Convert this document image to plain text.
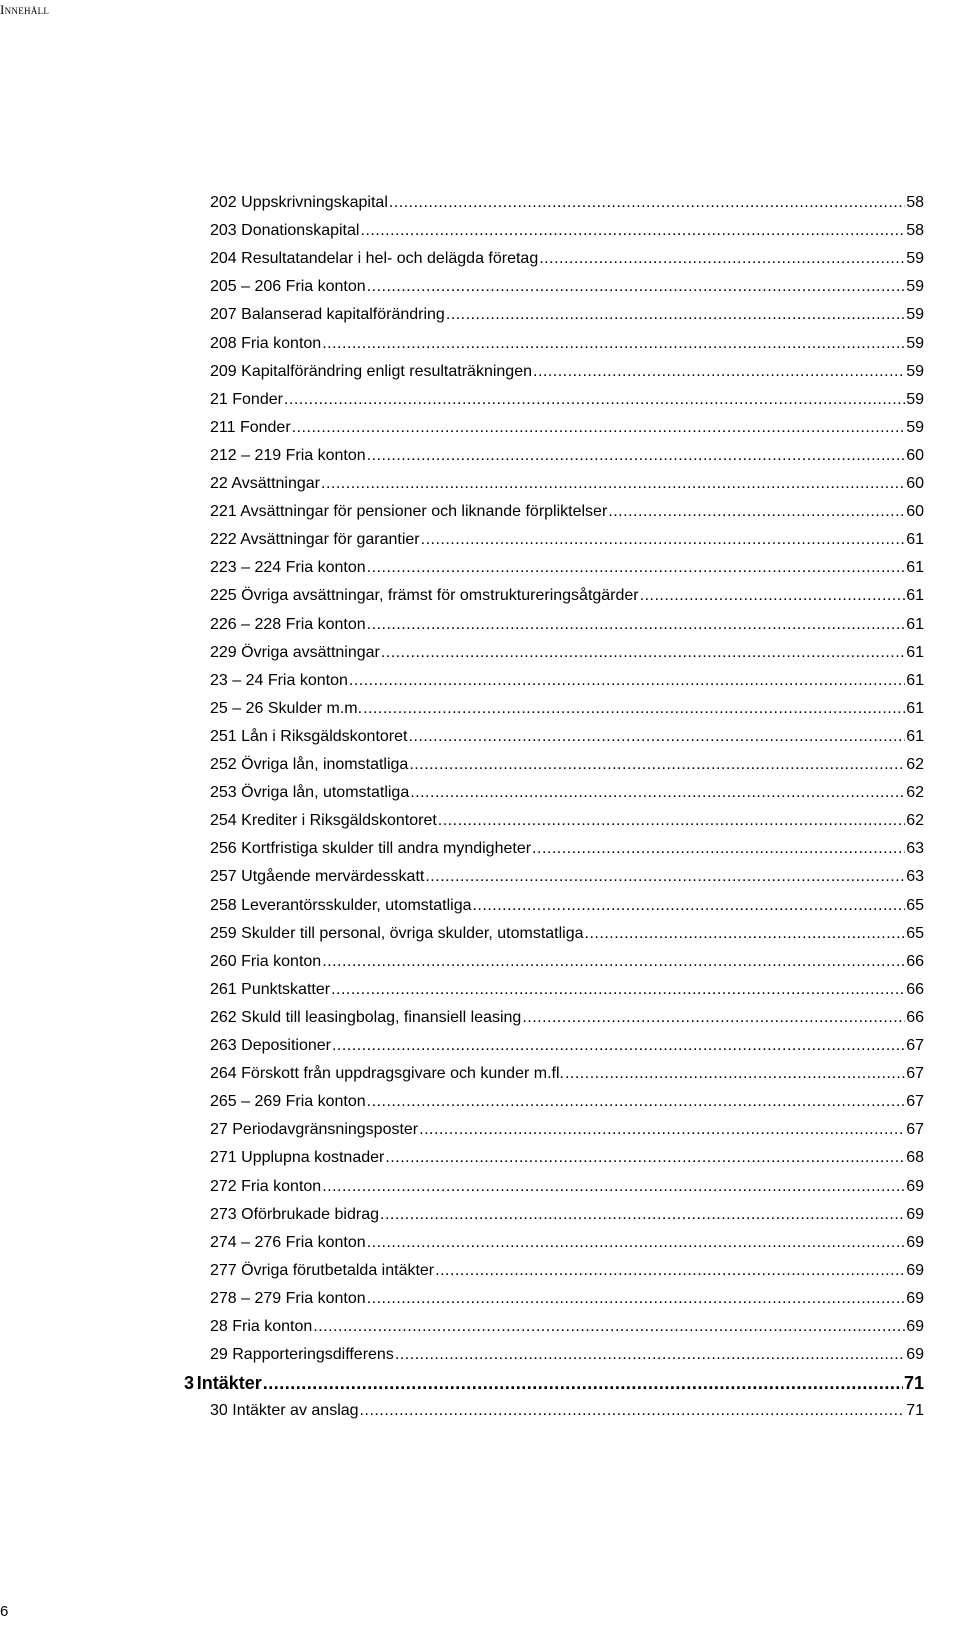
Innehåll
202 Uppskrivningskapital .....	58
203 Donationskapital .....	58
204 Resultatandelar i hel- och delägda företag .....	59
205 – 206 Fria konton .....	59
207 Balanserad kapitalförändring .....	59
208 Fria konton .....	59
209 Kapitalförändring enligt resultaträkningen .....	59
21 Fonder .....	59
211 Fonder .....	59
212 – 219 Fria konton .....	60
22 Avsättningar .....	60
221 Avsättningar för pensioner och liknande förpliktelser .....	60
222 Avsättningar för garantier .....	61
223 – 224 Fria konton .....	61
225 Övriga avsättningar, främst för omstruktureringsåtgärder .....	61
226 – 228 Fria konton .....	61
229 Övriga avsättningar .....	61
23 – 24 Fria konton .....	61
25 – 26 Skulder m.m. .....	61
251 Lån i Riksgäldskontoret .....	61
252 Övriga lån, inomstatliga .....	62
253 Övriga lån, utomstatliga .....	62
254 Krediter i Riksgäldskontoret .....	62
256 Kortfristiga skulder till andra myndigheter .....	63
257 Utgående mervärdesskatt .....	63
258 Leverantörsskulder, utomstatliga .....	65
259 Skulder till personal, övriga skulder, utomstatliga .....	65
260 Fria konton .....	66
261 Punktskatter .....	66
262 Skuld till leasingbolag, finansiell leasing .....	66
263 Depositioner .....	67
264 Förskott från uppdragsgivare och kunder m.fl. .....	67
265 – 269 Fria konton .....	67
27 Periodavgränsningsposter .....	67
271 Upplupna kostnader .....	68
272 Fria konton .....	69
273 Oförbrukade bidrag .....	69
274 – 276 Fria konton .....	69
277 Övriga förutbetalda intäkter .....	69
278 – 279 Fria konton .....	69
28 Fria konton .....	69
29 Rapporteringsdifferens .....	69
3 Intäkter .....	71
30 Intäkter av anslag .....	71
6
